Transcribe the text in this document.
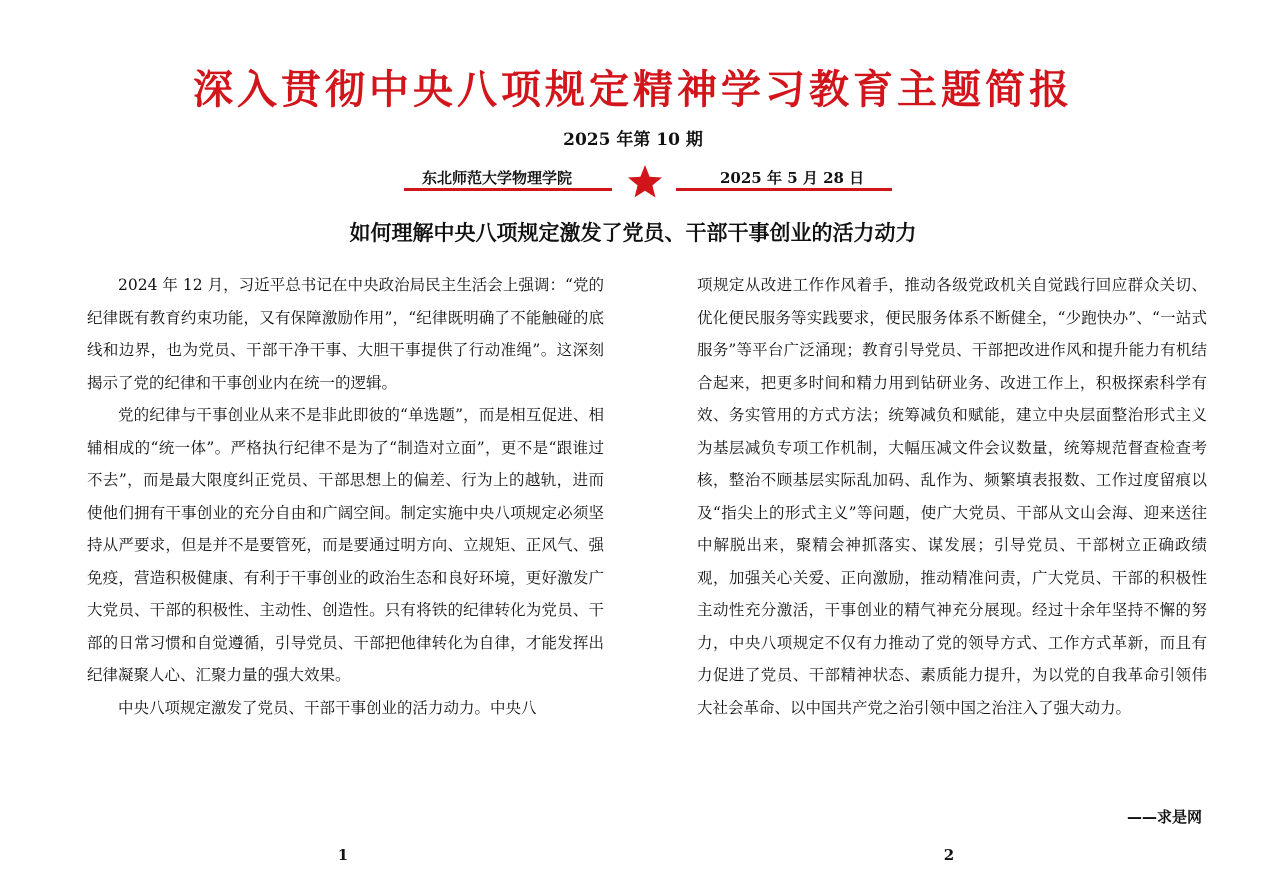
深入贯彻中央八项规定精神学习教育主题简报
2025 年第 10 期
东北师范大学物理学院	2025 年 5 月 28 日
如何理解中央八项规定激发了党员、干部干事创业的活力动力

2024 年 12 月，习近平总书记在中央政治局民主生活会上强调：“党的纪律既有教育约束功能，又有保障激励作用”，“纪律既明确了不能触碰的底线和边界，也为党员、干部干净干事、大胆干事提供了行动准绳”。这深刻揭示了党的纪律和干事创业内在统一的逻辑。

党的纪律与干事创业从来不是非此即彼的“单选题”，而是相互促进、相辅相成的“统一体”。严格执行纪律不是为了“制造对立面”，更不是“跟谁过不去”，而是最大限度纠正党员、干部思想上的偏差、行为上的越轨，进而使他们拥有干事创业的充分自由和广阔空间。制定实施中央八项规定必须坚持从严要求，但是并不是要管死，而是要通过明方向、立规矩、正风气、强免疫，营造积极健康、有利于干事创业的政治生态和良好环境，更好激发广大党员、干部的积极性、主动性、创造性。只有将铁的纪律转化为党员、干部的日常习惯和自觉遵循，引导党员、干部把他律转化为自律，才能发挥出纪律凝聚人心、汇聚力量的强大效果。

中央八项规定激发了党员、干部干事创业的活力动力。中央八

项规定从改进工作作风着手，推动各级党政机关自觉践行回应群众关切、优化便民服务等实践要求，便民服务体系不断健全，“少跑快办”、“一站式服务”等平台广泛涌现；教育引导党员、干部把改进作风和提升能力有机结合起来，把更多时间和精力用到钻研业务、改进工作上，积极探索科学有效、务实管用的方式方法；统筹减负和赋能，建立中央层面整治形式主义为基层减负专项工作机制，大幅压减文件会议数量，统筹规范督查检查考核，整治不顾基层实际乱加码、乱作为、频繁填表报数、工作过度留痕以及“指尖上的形式主义”等问题，使广大党员、干部从文山会海、迎来送往中解脱出来，聚精会神抓落实、谋发展；引导党员、干部树立正确政绩观，加强关心关爱、正向激励，推动精准问责，广大党员、干部的积极性主动性充分激活，干事创业的精气神充分展现。经过十余年坚持不懈的努力，中央八项规定不仅有力推动了党的领导方式、工作方式革新，而且有力促进了党员、干部精神状态、素质能力提升，为以党的自我革命引领伟大社会革命、以中国共产党之治引领中国之治注入了强大动力。

——求是网
1	2
